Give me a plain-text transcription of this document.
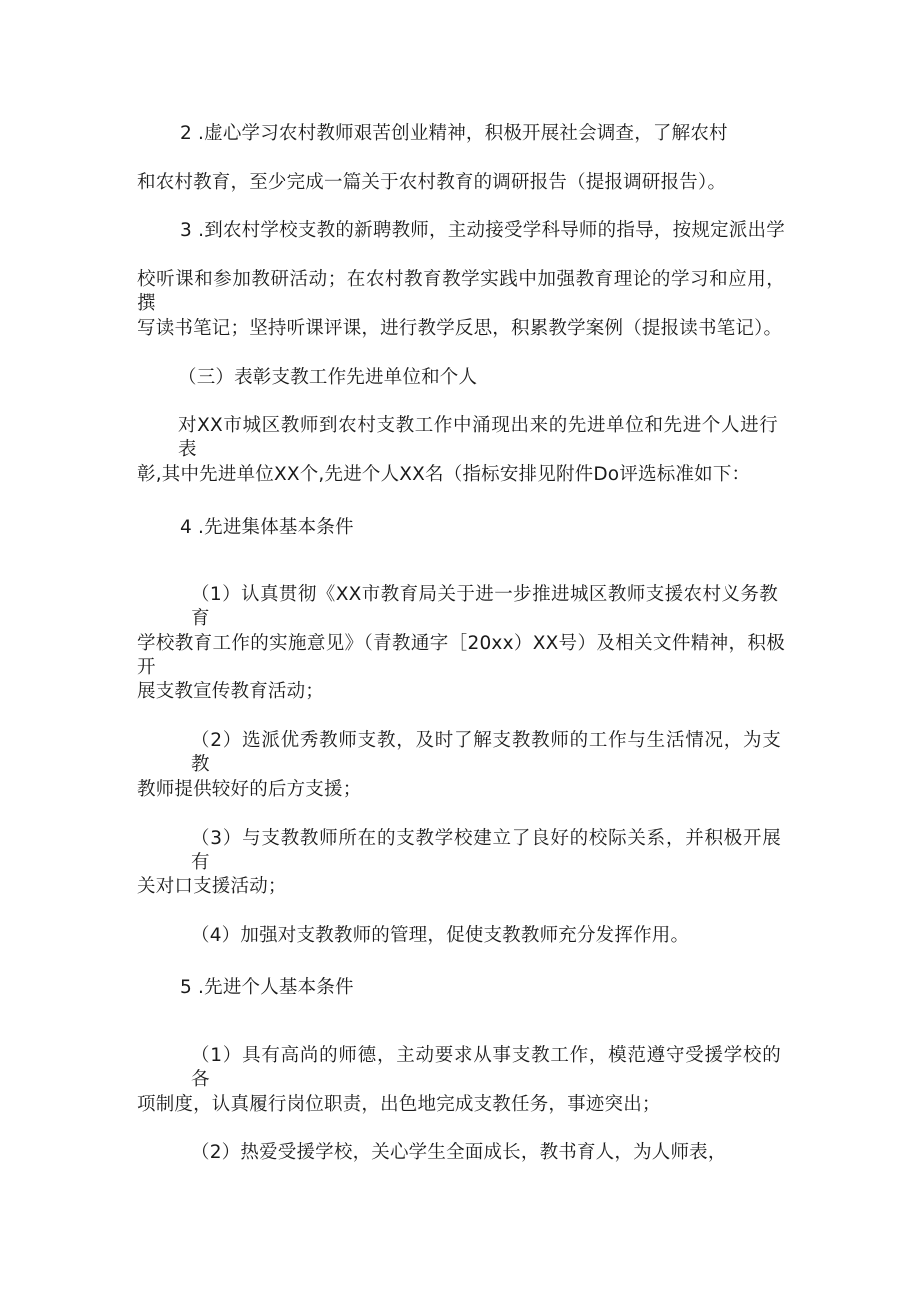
2 .虚心学习农村教师艰苦创业精神，积极开展社会调查，了解农村
和农村教育，至少完成一篇关于农村教育的调研报告（提报调研报告）。
3 .到农村学校支教的新聘教师，主动接受学科导师的指导，按规定派出学
校听课和参加教研活动；在农村教育教学实践中加强教育理论的学习和应用，撰
写读书笔记；坚持听课评课，进行教学反思，积累教学案例（提报读书笔记）。
（三）表彰支教工作先进单位和个人
对XX市城区教师到农村支教工作中涌现出来的先进单位和先进个人进行表
彰,其中先进单位XX个,先进个人XX名（指标安排见附件Do评选标准如下：
4 .先进集体基本条件
（1）认真贯彻《XX市教育局关于进一步推进城区教师支援农村义务教育
学校教育工作的实施意见》（青教通字［20xx）XX号）及相关文件精神，积极开
展支教宣传教育活动；
（2）选派优秀教师支教，及时了解支教教师的工作与生活情况，为支教
教师提供较好的后方支援；
（3）与支教教师所在的支教学校建立了良好的校际关系，并积极开展有
关对口支援活动；
（4）加强对支教教师的管理，促使支教教师充分发挥作用。
5 .先进个人基本条件
（1）具有高尚的师德，主动要求从事支教工作，模范遵守受援学校的各
项制度，认真履行岗位职责，出色地完成支教任务，事迹突出；
（2）热爱受援学校，关心学生全面成长，教书育人，为人师表，
